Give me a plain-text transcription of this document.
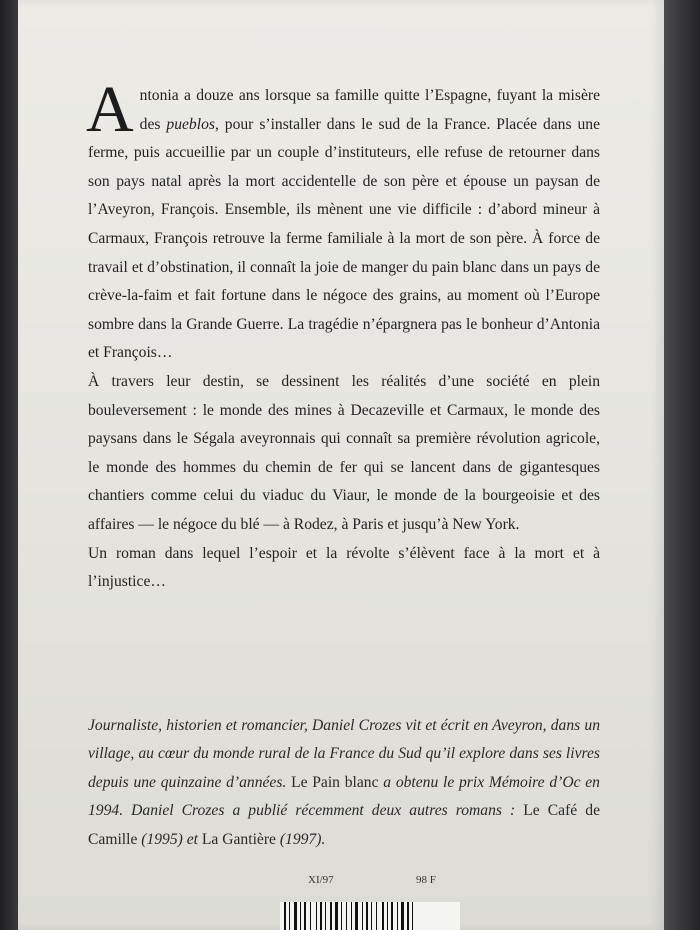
Antonia a douze ans lorsque sa famille quitte l’Espagne, fuyant la misère des pueblos, pour s’installer dans le sud de la France. Placée dans une ferme, puis accueillie par un couple d’instituteurs, elle refuse de retourner dans son pays natal après la mort accidentelle de son père et épouse un paysan de l’Aveyron, François. Ensemble, ils mènent une vie difficile : d’abord mineur à Carmaux, François retrouve la ferme familiale à la mort de son père. À force de travail et d’obstination, il connaît la joie de manger du pain blanc dans un pays de crève-la-faim et fait fortune dans le négoce des grains, au moment où l’Europe sombre dans la Grande Guerre. La tragédie n’épargnera pas le bonheur d’Antonia et François…

À travers leur destin, se dessinent les réalités d’une société en plein bouleversement : le monde des mines à Decazeville et Carmaux, le monde des paysans dans le Ségala aveyronnais qui connaît sa première révolution agricole, le monde des hommes du chemin de fer qui se lancent dans de gigantesques chantiers comme celui du viaduc du Viaur, le monde de la bourgeoisie et des affaires — le négoce du blé — à Rodez, à Paris et jusqu’à New York.

Un roman dans lequel l’espoir et la révolte s’élèvent face à la mort et à l’injustice…

Journaliste, historien et romancier, Daniel Crozes vit et écrit en Aveyron, dans un village, au cœur du monde rural de la France du Sud qu’il explore dans ses livres depuis une quinzaine d’années. Le Pain blanc a obtenu le prix Mémoire d’Oc en 1994. Daniel Crozes a publié récemment deux autres romans : Le Café de Camille (1995) et La Gantière (1997).

XI/97	98 F
